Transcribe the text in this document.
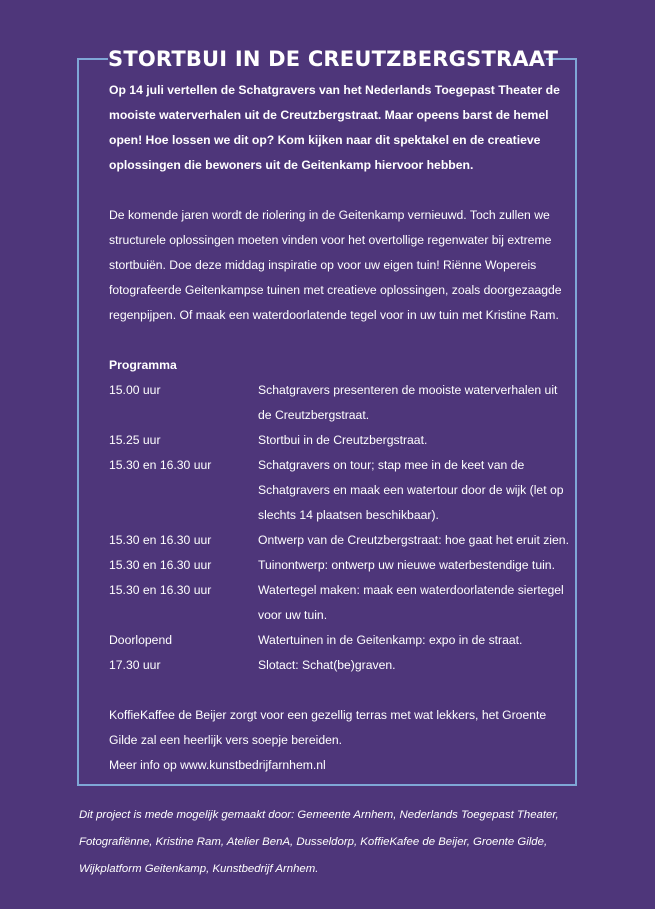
STORTBUI IN DE CREUTZBERGSTRAAT

Op 14 juli vertellen de Schatgravers van het Nederlands Toegepast Theater de mooiste waterverhalen uit de Creutzbergstraat. Maar opeens barst de hemel open! Hoe lossen we dit op? Kom kijken naar dit spektakel en de creatieve oplossingen die bewoners uit de Geitenkamp hiervoor hebben.

De komende jaren wordt de riolering in de Geitenkamp vernieuwd. Toch zullen we structurele oplossingen moeten vinden voor het overtollige regenwater bij extreme stortbuiën. Doe deze middag inspiratie op voor uw eigen tuin! Riënne Wopereis fotografeerde Geitenkampse tuinen met creatieve oplossingen, zoals doorgezaagde regenpijpen. Of maak een waterdoorlatende tegel voor in uw tuin met Kristine Ram.

Programma
15.00 uur	Schatgravers presenteren de mooiste waterverhalen uit de Creutzbergstraat.
15.25 uur	Stortbui in de Creutzbergstraat.
15.30 en 16.30 uur	Schatgravers on tour; stap mee in de keet van de Schatgravers en maak een watertour door de wijk (let op slechts 14 plaatsen beschikbaar).
15.30 en 16.30 uur	Ontwerp van de Creutzbergstraat: hoe gaat het eruit zien.
15.30 en 16.30 uur	Tuinontwerp: ontwerp uw nieuwe waterbestendige tuin.
15.30 en 16.30 uur	Watertegel maken: maak een waterdoorlatende siertegel voor uw tuin.
Doorlopend	Watertuinen in de Geitenkamp: expo in de straat.
17.30 uur	Slotact: Schat(be)graven.

KoffieKaffee de Beijer zorgt voor een gezellig terras met wat lekkers, het Groente Gilde zal een heerlijk vers soepje bereiden.
Meer info op www.kunstbedrijfarnhem.nl

Dit project is mede mogelijk gemaakt door: Gemeente Arnhem, Nederlands Toegepast Theater, Fotografiënne, Kristine Ram, Atelier BenA, Dusseldorp, KoffieKafee de Beijer, Groente Gilde, Wijkplatform Geitenkamp, Kunstbedrijf Arnhem.
